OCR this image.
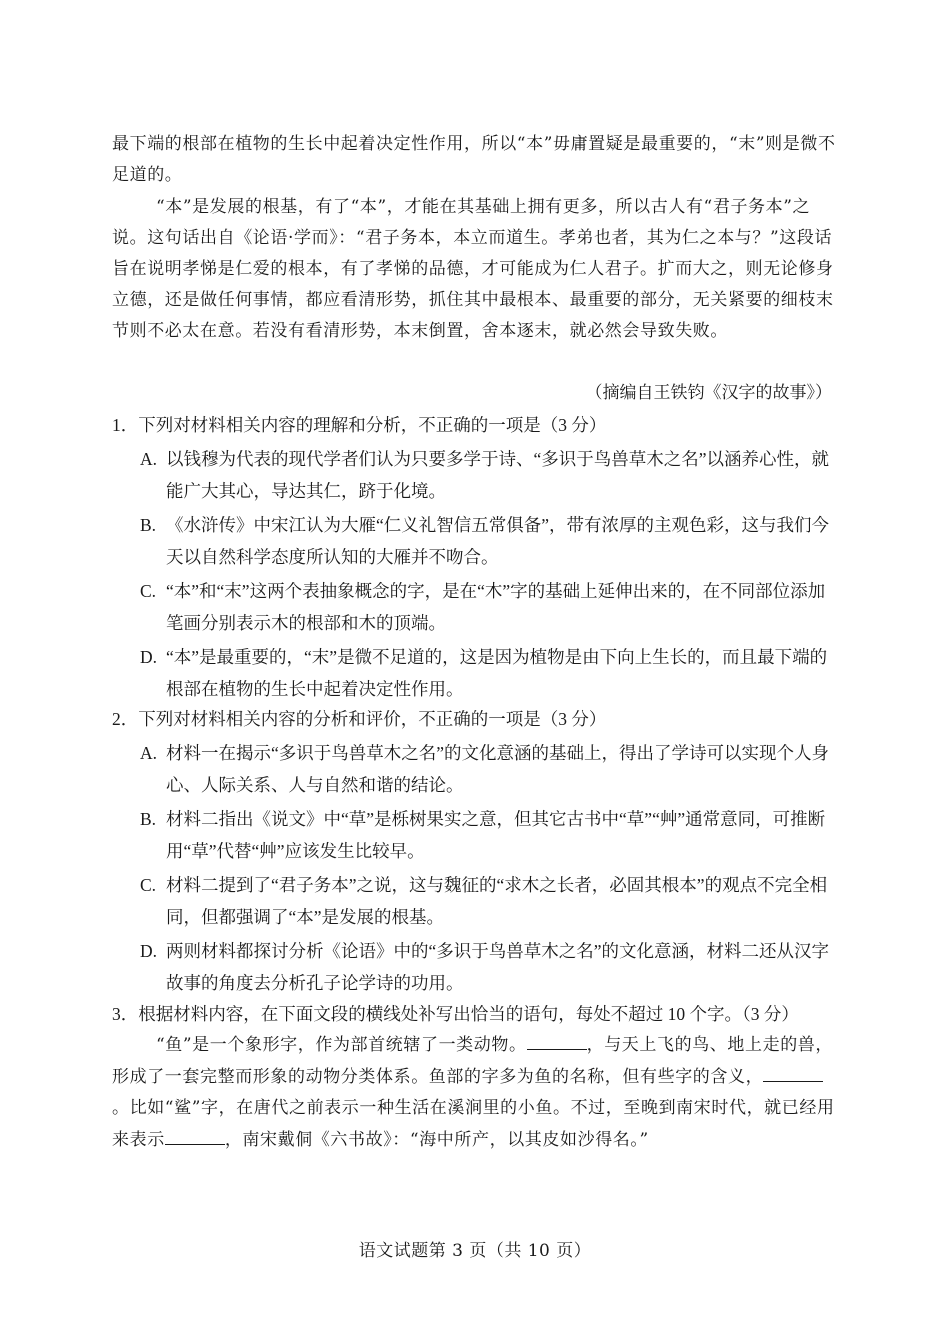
最下端的根部在植物的生长中起着决定性作用，所以“本”毋庸置疑是最重要的，“末”则是微不足道的。

“本”是发展的根基，有了“本”，才能在其基础上拥有更多，所以古人有“君子务本”之说。这句话出自《论语·学而》：“君子务本，本立而道生。孝弟也者，其为仁之本与？”这段话旨在说明孝悌是仁爱的根本，有了孝悌的品德，才可能成为仁人君子。扩而大之，则无论修身立德，还是做任何事情，都应看清形势，抓住其中最根本、最重要的部分，无关紧要的细枝末节则不必太在意。若没有看清形势，本末倒置，舍本逐末，就必然会导致失败。

（摘编自王铁钧《汉字的故事》）

1．下列对材料相关内容的理解和分析，不正确的一项是（3 分）

A. 以钱穆为代表的现代学者们认为只要多学于诗、“多识于鸟兽草木之名”以涵养心性，就能广大其心，导达其仁，跻于化境。
B. 《水浒传》中宋江认为大雁“仁义礼智信五常俱备”，带有浓厚的主观色彩，这与我们今天以自然科学态度所认知的大雁并不吻合。
C. “本”和“末”这两个表抽象概念的字，是在“木”字的基础上延伸出来的，在不同部位添加笔画分别表示木的根部和木的顶端。
D. “本”是最重要的，“末”是微不足道的，这是因为植物是由下向上生长的，而且最下端的根部在植物的生长中起着决定性作用。

2．下列对材料相关内容的分析和评价，不正确的一项是（3 分）

A. 材料一在揭示“多识于鸟兽草木之名”的文化意涵的基础上，得出了学诗可以实现个人身心、人际关系、人与自然和谐的结论。
B. 材料二指出《说文》中“草”是栎树果实之意，但其它古书中“草”“艸”通常意同，可推断用“草”代替“艸”应该发生比较早。
C. 材料二提到了“君子务本”之说，这与魏征的“求木之长者，必固其根本”的观点不完全相同，但都强调了“本”是发展的根基。
D. 两则材料都探讨分析《论语》中的“多识于鸟兽草木之名”的文化意涵，材料二还从汉字故事的角度去分析孔子论学诗的功用。

3．根据材料内容，在下面文段的横线处补写出恰当的语句，每处不超过 10 个字。（3 分）

“鱼”是一个象形字，作为部首统辖了一类动物。	，与天上飞的鸟、地上走的兽，形成了一套完整而形象的动物分类体系。鱼部的字多为鱼的名称，但有些字的含义，。比如“鲨”字，在唐代之前表示一种生活在溪涧里的小鱼。不过，至晚到南宋时代，就已经用来表示	，南宋戴侗《六书故》：“海中所产，以其皮如沙得名。”

语文试题第 3 页（共 10 页）
